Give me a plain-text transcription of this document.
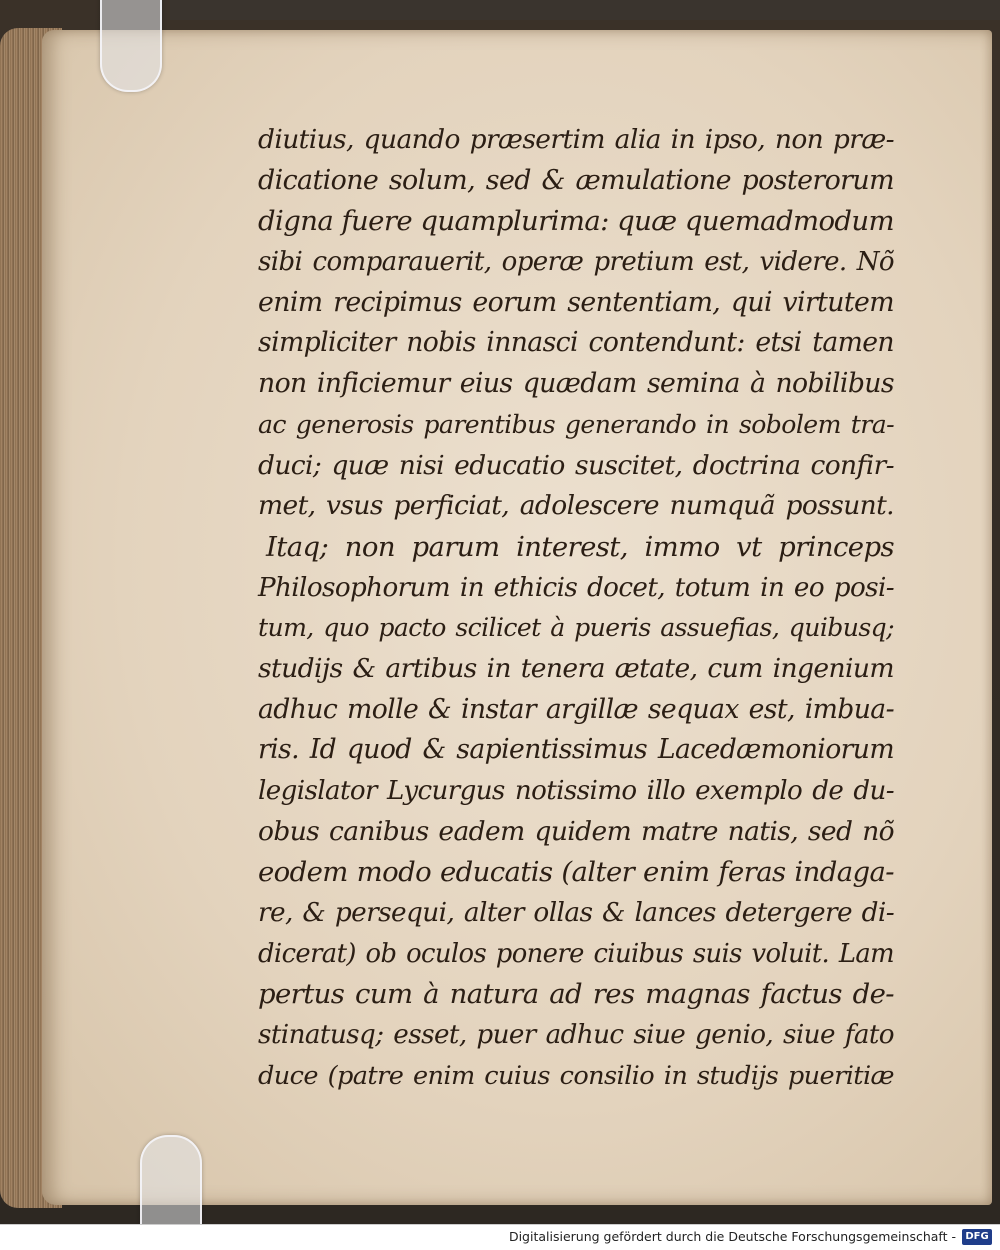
diutius, quando præsertim alia in ipso, non præ-
dicatione solum, sed & æmulatione posterorum
digna fuere quamplurima: quæ quemadmodum
sibi comparauerit, operæ pretium est, videre. Nõ
enim recipimus eorum sententiam, qui virtutem
simpliciter nobis innasci contendunt: etsi tamen
non inficiemur eius quædam semina à nobilibus
ac generosis parentibus generando in sobolem tra-
duci; quæ nisi educatio suscitet, doctrina confir-
met, vsus perficiat, adolescere numquã possunt.
Itaq; non parum interest, immo vt princeps
Philosophorum in ethicis docet, totum in eo posi-
tum, quo pacto scilicet à pueris assuefias, quibusq;
studijs & artibus in tenera ætate, cum ingenium
adhuc molle & instar argillæ sequax est, imbua-
ris. Id quod & sapientissimus Lacedæmoniorum
legislator Lycurgus notissimo illo exemplo de du-
obus canibus eadem quidem matre natis, sed nõ
eodem modo educatis (alter enim feras indaga-
re, & persequi, alter ollas & lances detergere di-
dicerat) ob oculos ponere ciuibus suis voluit. Lam
pertus cum à natura ad res magnas factus de-
stinatusq; esset, puer adhuc siue genio, siue fato
duce (patre enim cuius consilio in studijs pueritiæ
Digitalisierung gefördert durch die Deutsche Forschungsgemeinschaft - DFG
